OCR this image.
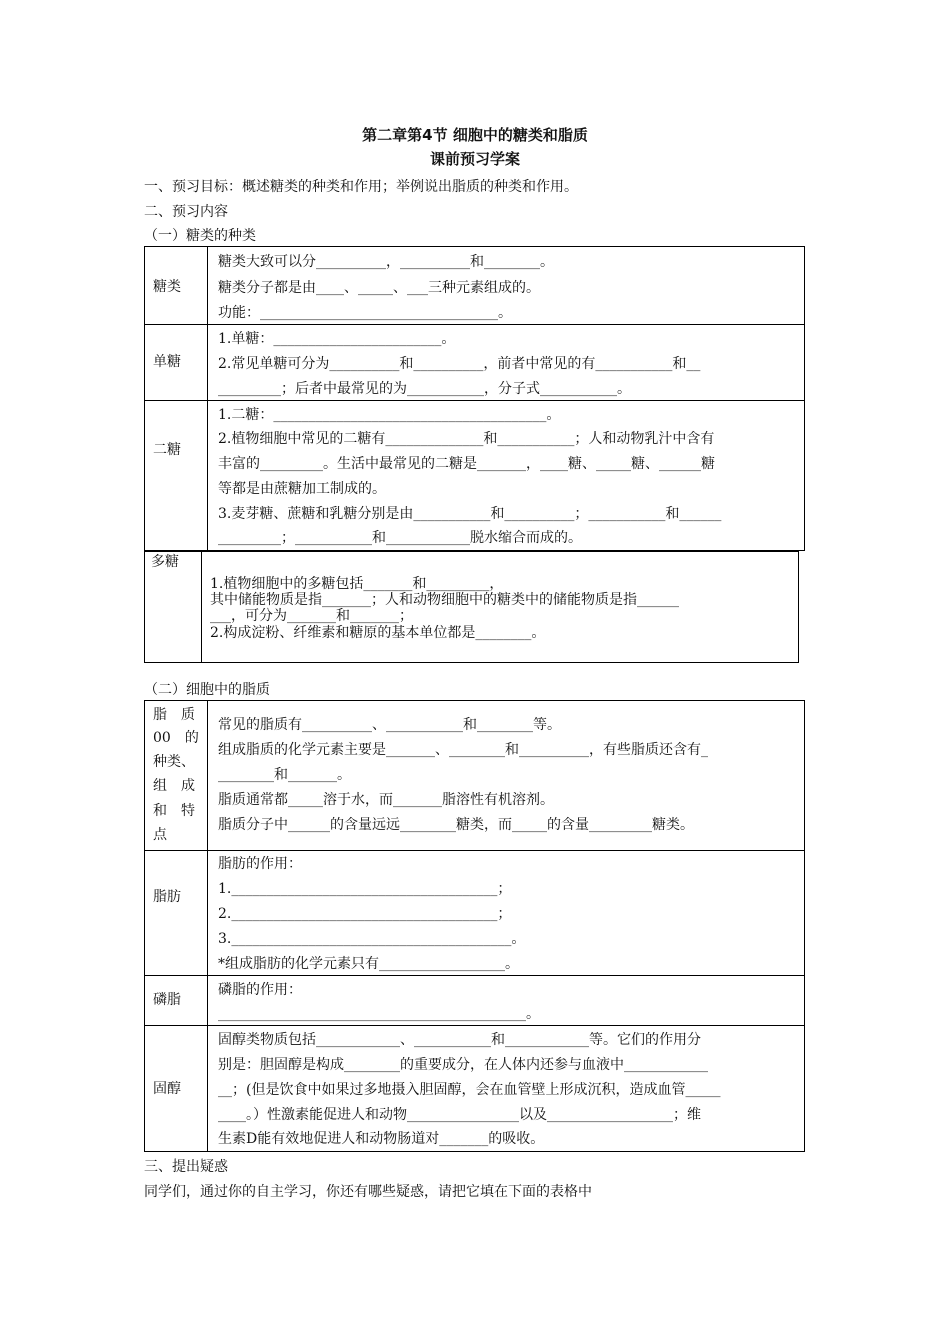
第二章第4节 细胞中的糖类和脂质
课前预习学案
一、预习目标：概述糖类的种类和作用；举例说出脂质的种类和作用。
二、预习内容
（一）糖类的种类
糖类
糖类大致可以分__________，__________和________。
糖类分子都是由____、_____、___三种元素组成的。
功能：__________________________________。
单糖
1.单糖：________________________。
2.常见单糖可分为__________和__________，前者中常见的有___________和__
_________；后者中最常见的为___________，分子式___________。
二糖
1.二糖：_______________________________________。
2.植物细胞中常见的二糖有______________和___________；人和动物乳汁中含有
丰富的_________。生活中最常见的二糖是_______，____糖、_____糖、______糖
等都是由蔗糖加工制成的。
3.麦芽糖、蔗糖和乳糖分别是由___________和__________；___________和______
_________；___________和____________脱水缩合而成的。
多糖
1.植物细胞中的多糖包括_______和_________，
其中储能物质是指_______；人和动物细胞中的糖类中的储能物质是指______
___，可分为_______和_______；
2.构成淀粉、纤维素和糖原的基本单位都是________。
（二）细胞中的脂质
脂　质
00　的
种类、
组　成
和　特
点
常见的脂质有__________、___________和________等。
组成脂质的化学元素主要是_______、________和__________，有些脂质还含有_
________和_______。
脂质通常都_____溶于水，而_______脂溶性有机溶剂。
脂质分子中______的含量远远________糖类，而_____的含量_________糖类。
脂肪
脂肪的作用：
1.______________________________________；
2.______________________________________；
3.________________________________________。
*组成脂肪的化学元素只有__________________。
磷脂
磷脂的作用：
____________________________________________。
固醇
固醇类物质包括____________、___________和____________等。它们的作用分
别是：胆固醇是构成________的重要成分，在人体内还参与血液中____________
__；(但是饮食中如果过多地摄入胆固醇，会在血管壁上形成沉积，造成血管_____
____。）性激素能促进人和动物________________以及__________________；维
生素D能有效地促进人和动物肠道对_______的吸收。
三、提出疑惑
同学们，通过你的自主学习，你还有哪些疑惑，请把它填在下面的表格中
